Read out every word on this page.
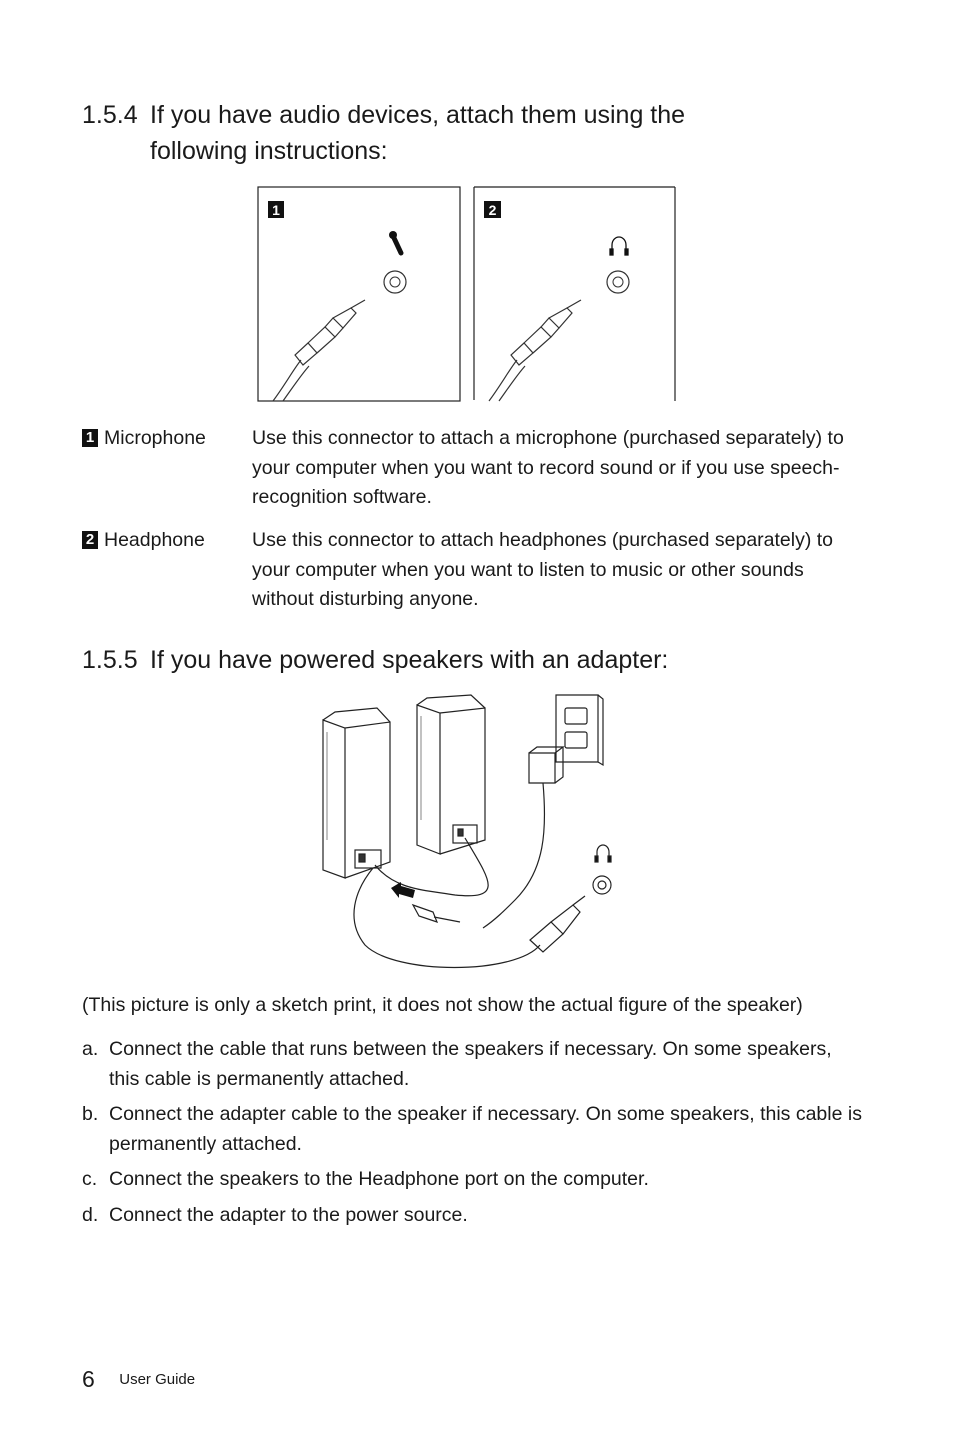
1.5.4 If you have audio devices, attach them using the
following instructions:
1	2
1 Microphone	Use this connector to attach a microphone (purchased separately) to your computer when you want to record sound or if you use speech-recognition software.
2 Headphone	Use this connector to attach headphones (purchased separately) to your computer when you want to listen to music or other sounds without disturbing anyone.
1.5.5 If you have powered speakers with an adapter:
(This picture is only a sketch print, it does not show the actual figure of the speaker)
a. Connect the cable that runs between the speakers if necessary. On some speakers, this cable is permanently attached.
b. Connect the adapter cable to the speaker if necessary. On some speakers, this cable is permanently attached.
c. Connect the speakers to the Headphone port on the computer.
d. Connect the adapter to the power source.
6 User Guide
